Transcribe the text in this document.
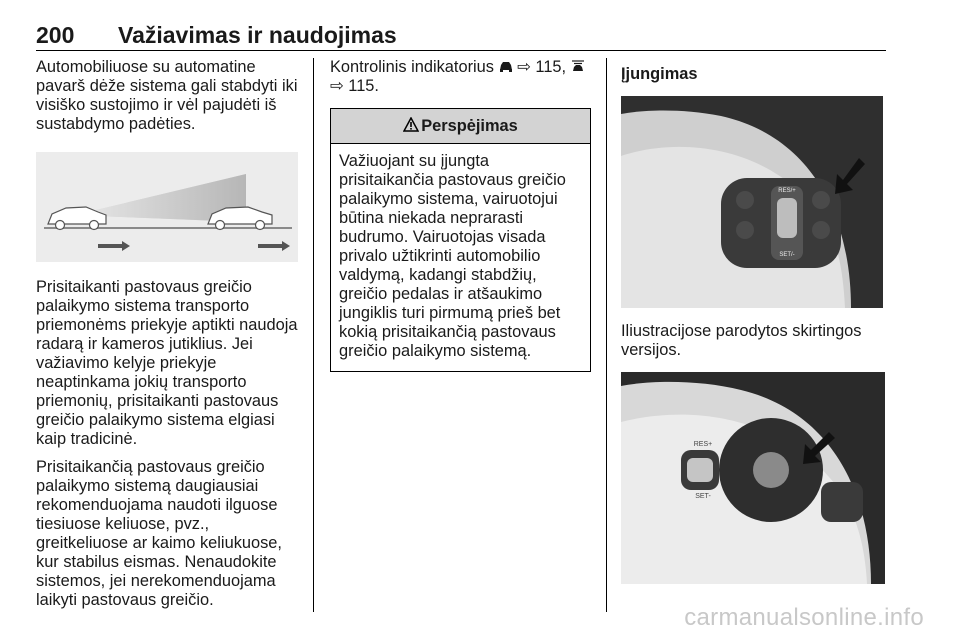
200 Važiavimas ir naudojimas

Automobiliuose su automatine pavarš dėže sistema gali stabdyti iki visiško sustojimo ir vėl pajudėti iš sustabdymo padėties.

Prisitaikanti pastovaus greičio palaikymo sistema transporto priemonėms priekyje aptikti naudoja radarą ir kameros jutiklius. Jei važiavimo kelyje priekyje neaptinkama jokių transporto priemonių, prisitaikanti pastovaus greičio palaikymo sistema elgiasi kaip tradicinė.

Prisitaikančią pastovaus greičio palaikymo sistemą daugiausiai rekomenduojama naudoti ilguose tiesiuose keliuose, pvz., greitkeliuose ar kaimo keliukuose, kur stabilus eismas. Nenaudokite sistemos, jei nerekomenduojama laikyti pastovaus greičio.

Kontrolinis indikatorius ⇨ 115,
⇨ 115.

Perspėjimas
Važiuojant su įjungta prisitaikančia pastovaus greičio palaikymo sistema, vairuotojui būtina niekada neprarasti budrumo. Vairuotojas visada privalo užtikrinti automobilio valdymą, kadangi stabdžių, greičio pedalas ir atšaukimo jungiklis turi pirmumą prieš bet kokią prisitaikančią pastovaus greičio palaikymo sistemą.

Įjungimas

RES/+
SET/-

Iliustracijose parodytos skirtingos versijos.

RES+
SET-
carmanualsonline.info
